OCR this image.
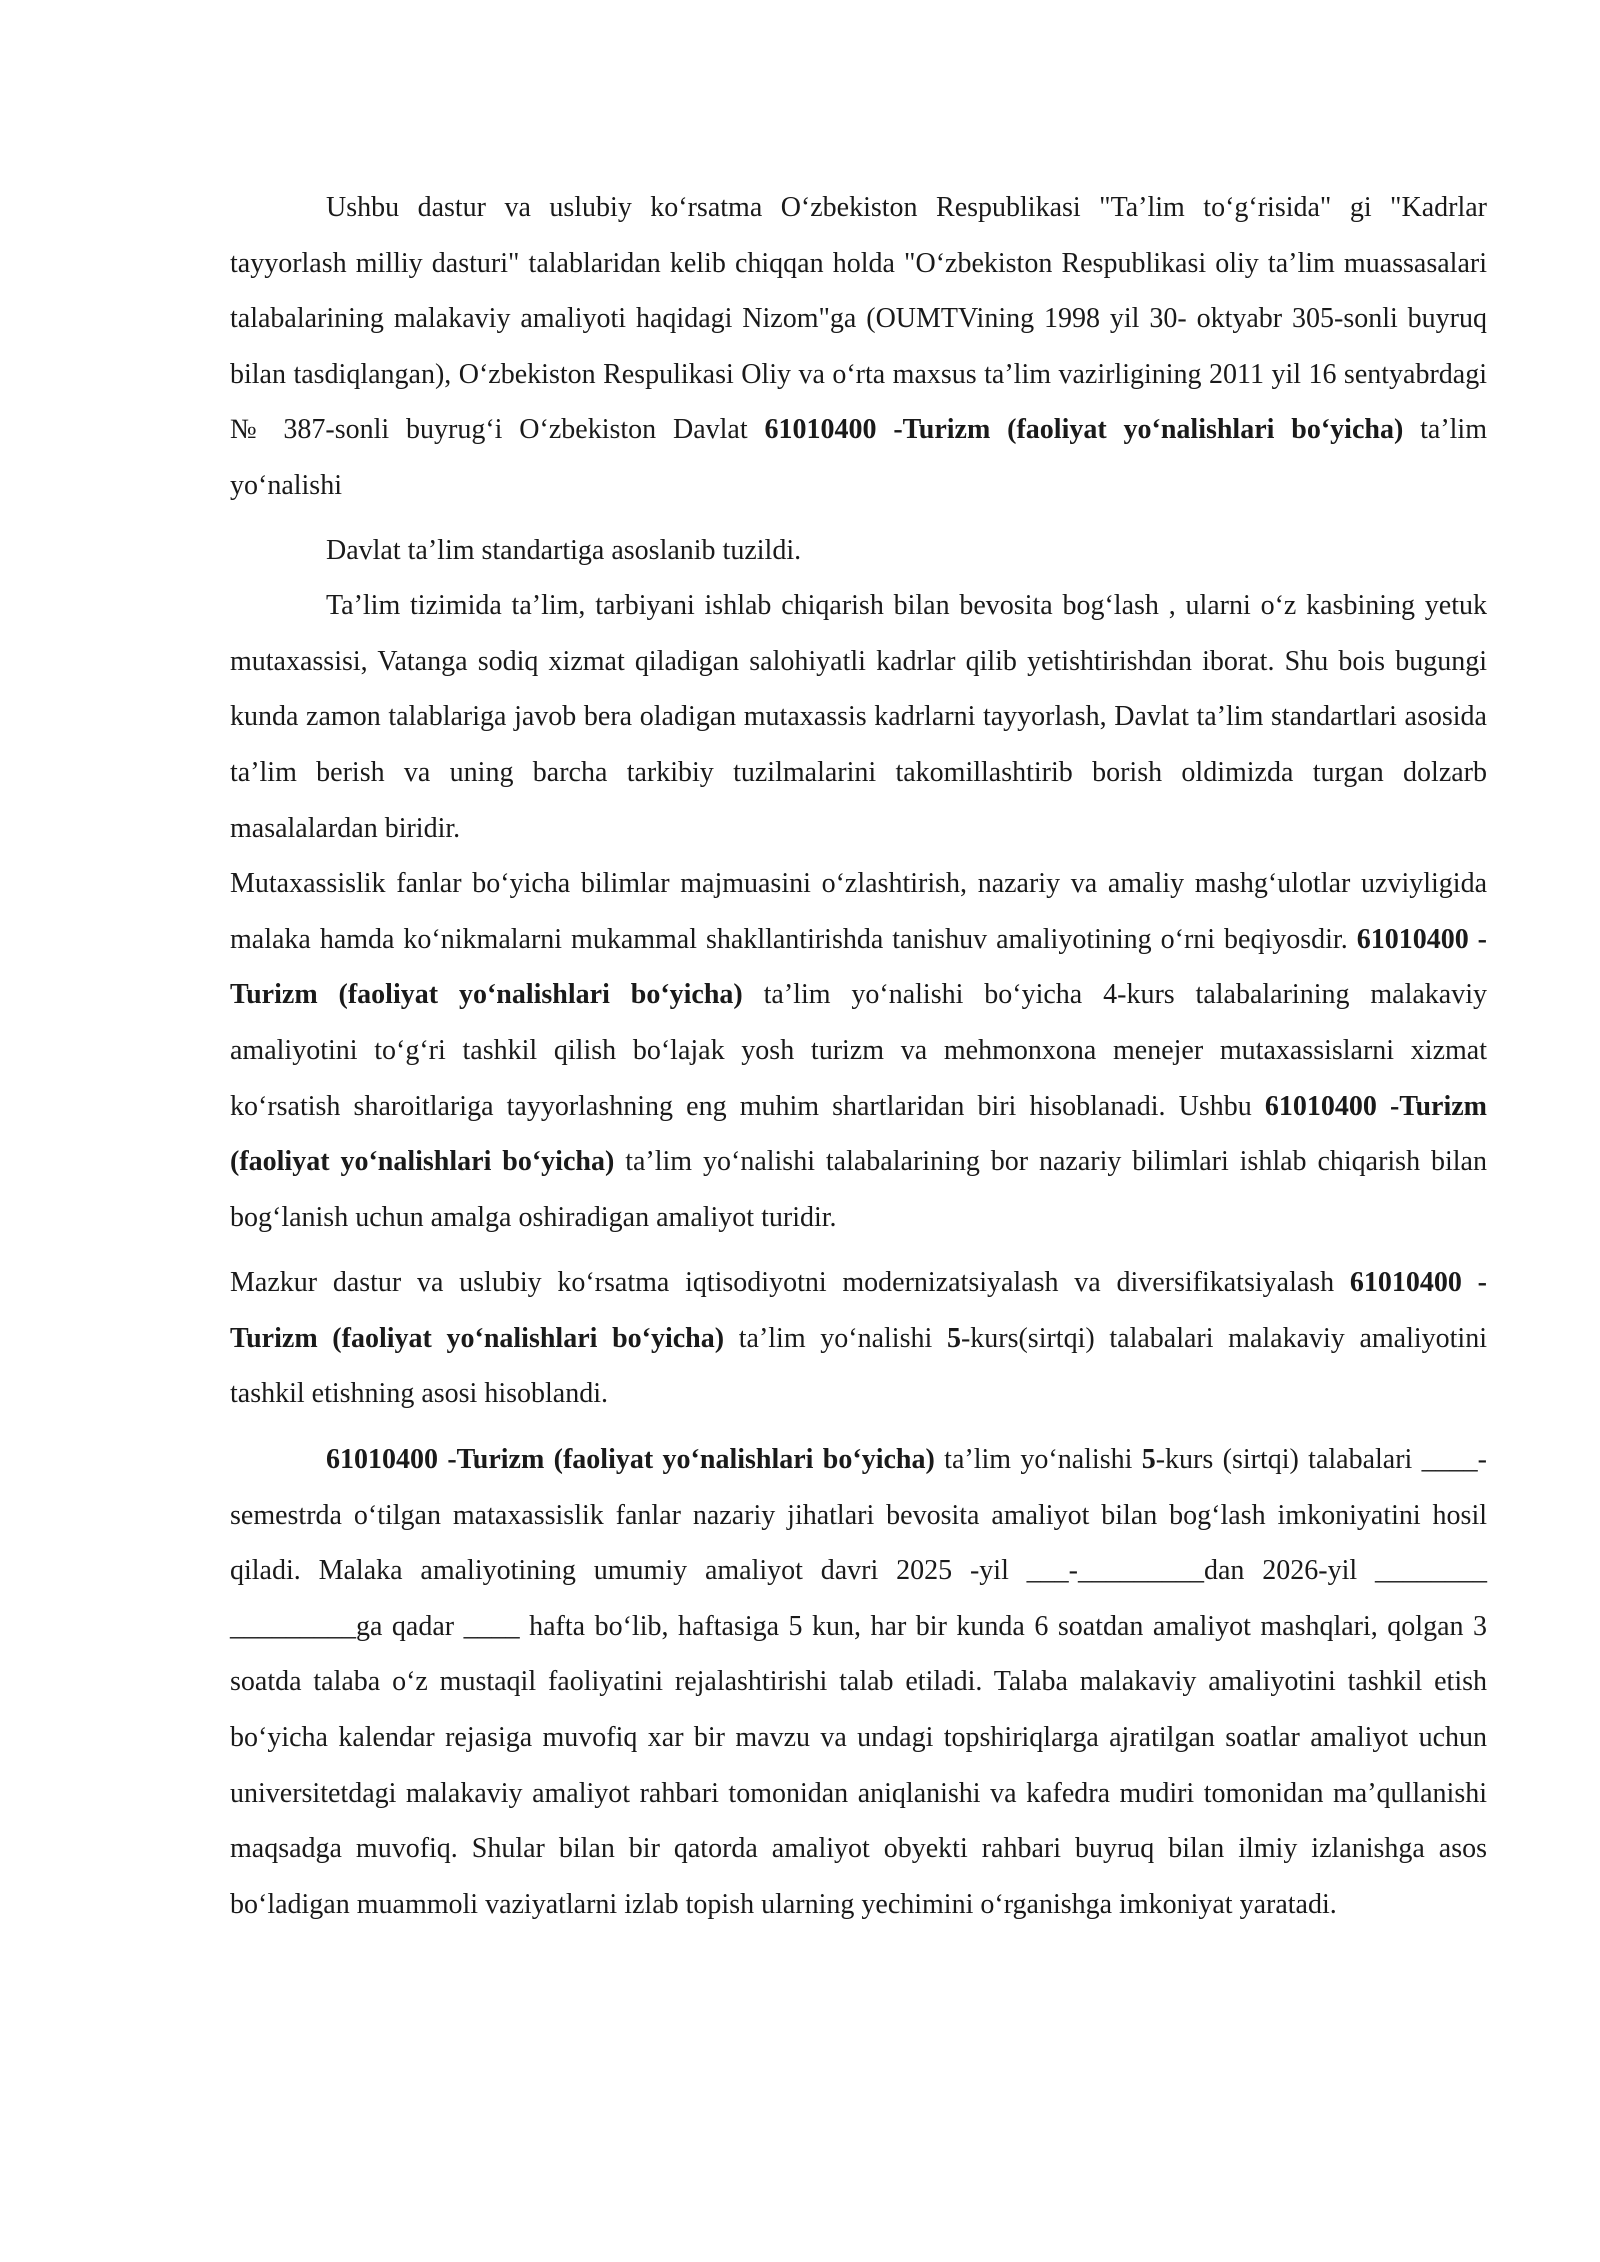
Ushbu dastur va uslubiy ko‘rsatma O‘zbekiston Respublikasi "Ta’lim to‘g‘risida" gi "Kadrlar tayyorlash milliy dasturi" talablaridan kelib chiqqan holda "O‘zbekiston Respublikasi oliy ta’lim muassasalari talabalarining malakaviy amaliyoti haqidagi Nizom"ga (OUMTVining 1998 yil 30- oktyabr 305-sonli buyruq bilan tasdiqlangan), O‘zbekiston Respulikasi Oliy va o‘rta maxsus ta’lim vazirligining 2011 yil 16 sentyabrdagi № 387-sonli buyrug‘i O‘zbekiston Davlat 61010400 -Turizm (faoliyat yo‘nalishlari bo‘yicha) ta’lim yo‘nalishi

Davlat ta’lim standartiga asoslanib tuzildi.

Ta’lim tizimida ta’lim, tarbiyani ishlab chiqarish bilan bevosita bog‘lash , ularni o‘z kasbining yetuk mutaxassisi, Vatanga sodiq xizmat qiladigan salohiyatli kadrlar qilib yetishtirishdan iborat. Shu bois bugungi kunda zamon talablariga javob bera oladigan mutaxassis kadrlarni tayyorlash, Davlat ta’lim standartlari asosida ta’lim berish va uning barcha tarkibiy tuzilmalarini takomillashtirib borish oldimizda turgan dolzarb masalalardan biridir.

Mutaxassislik fanlar bo‘yicha bilimlar majmuasini o‘zlashtirish, nazariy va amaliy mashg‘ulotlar uzviyligida malaka hamda ko‘nikmalarni mukammal shakllantirishda tanishuv amaliyotining o‘rni beqiyosdir. 61010400 -Turizm (faoliyat yo‘nalishlari bo‘yicha) ta’lim yo‘nalishi bo‘yicha 4-kurs talabalarining malakaviy amaliyotini to‘g‘ri tashkil qilish bo‘lajak yosh turizm va mehmonxona menejer mutaxassislarni xizmat ko‘rsatish sharoitlariga tayyorlashning eng muhim shartlaridan biri hisoblanadi. Ushbu 61010400 -Turizm (faoliyat yo‘nalishlari bo‘yicha) ta’lim yo‘nalishi talabalarining bor nazariy bilimlari ishlab chiqarish bilan bog‘lanish uchun amalga oshiradigan amaliyot turidir.

Mazkur dastur va uslubiy ko‘rsatma iqtisodiyotni modernizatsiyalash va diversifikatsiyalash 61010400 -Turizm (faoliyat yo‘nalishlari bo‘yicha) ta’lim yo‘nalishi 5-kurs(sirtqi) talabalari malakaviy amaliyotini tashkil etishning asosi hisoblandi.

61010400 -Turizm (faoliyat yo‘nalishlari bo‘yicha) ta’lim yo‘nalishi 5-kurs (sirtqi) talabalari ____-semestrda o‘tilgan mataxassislik fanlar nazariy jihatlari bevosita amaliyot bilan bog‘lash imkoniyatini hosil qiladi. Malaka amaliyotining umumiy amaliyot davri 2025 -yil ___-_________dan 2026-yil ________ _________ga qadar ____ hafta bo‘lib, haftasiga 5 kun, har bir kunda 6 soatdan amaliyot mashqlari, qolgan 3 soatda talaba o‘z mustaqil faoliyatini rejalashtirishi talab etiladi. Talaba malakaviy amaliyotini tashkil etish bo‘yicha kalendar rejasiga muvofiq xar bir mavzu va undagi topshiriqlarga ajratilgan soatlar amaliyot uchun universitetdagi malakaviy amaliyot rahbari tomonidan aniqlanishi va kafedra mudiri tomonidan ma’qullanishi maqsadga muvofiq. Shular bilan bir qatorda amaliyot obyekti rahbari buyruq bilan ilmiy izlanishga asos bo‘ladigan muammoli vaziyatlarni izlab topish ularning yechimini o‘rganishga imkoniyat yaratadi.
